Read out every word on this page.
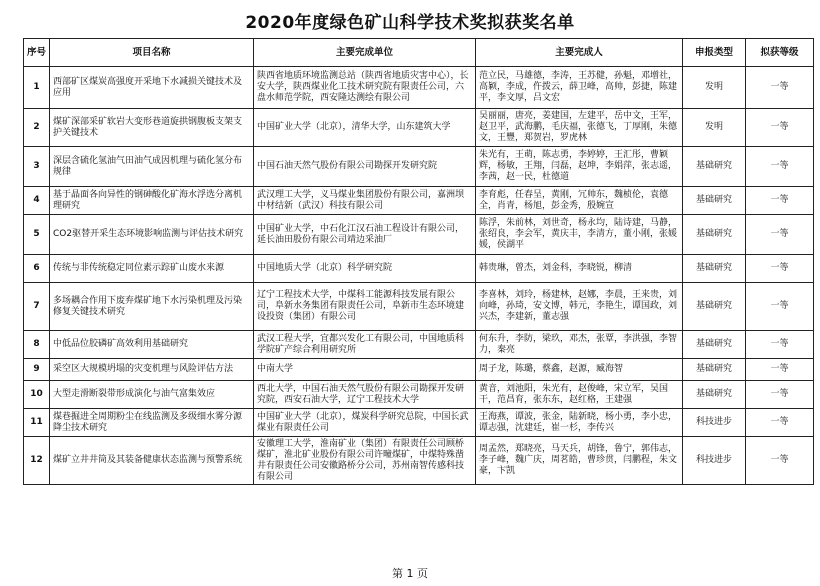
2020年度绿色矿山科学技术奖拟获奖名单
序号	项目名称	主要完成单位	主要完成人	申报类型	拟获等级
1	西部矿区煤炭高强度开采地下水减损关键技术及应用	陕西省地质环境监测总站（陕西省地质灾害中心），长安大学，陕西煤业化工技术研究院有限责任公司，六盘水师范学院，西安隆达测绘有限公司	范立民，马雄德，李涛，王苏健，孙魁，邓增社，高颖，李成，仵拨云，薛卫峰，高帅，彭捷，陈建平，李文厚，吕文宏	发明	一等
2	煤矿深部采矿软岩大变形巷道旋拱钢腹板支架支护关键技术	中国矿业大学（北京），清华大学，山东建筑大学	吴丽丽，唐亮，姜建国，左建平，岳中文，王军，赵卫平，武海鹏，毛庆福，张德飞，丁厚刚，朱德文，王豐，郑贺岩，罗虎林	发明	一等
3	深层含硫化氢油气田油气成因机理与硫化氢分布规律	中国石油天然气股份有限公司勘探开发研究院	朱光有，王萌，陈志勇，李婷婷，王汇彤，曹颖辉，杨敏，王翔，闫磊，赵坤，李娟萍，张志遥，李茜，赵一民，杜德道	基础研究	一等
4	基于晶面各向异性的钢砷酸化矿海水浮选分离机理研究	武汉理工大学，义马煤业集团股份有限公司，嘉洲坝中材结新（武汉）科技有限公司	李育彪，任春呈，黄刚，冗帅东，魏桢伦，袁德全，肖青，杨旭，彭金秀，殷婉宣	基础研究	一等
5	CO2驱替开采生态环境影响监测与评估技术研究	中国矿业大学，中石化江汉石油工程设计有限公司，延长油田股份有限公司靖边采油厂	陈浮，朱前林，刘世奇，杨永均，陆诗建，马静，张绍良，李会军，黄庆丰，李清方，董小刚，张媛媛，侯湖平	基础研究	一等
6	传统与非传统稳定同位素示踪矿山废水来源	中国地质大学（北京）科学研究院	韩贵琳，曾杰，刘金科，李晓锐，柳清	基础研究	一等
7	多场耦合作用下废弃煤矿地下水污染机理及污染修复关键技术研究	辽宁工程技术大学，中煤科工能源科技发展有限公司，阜新水务集团有限责任公司，阜新市生态环境建设投资（集团）有限公司	李喜林，刘玲，杨建林，赵娜，李晨，王来贵，刘向峰，孙琦，安文博，韩元，李艳生，谭国政，刘兴杰，李建新，董志强	基础研究	一等
8	中低品位胶磷矿高效利用基础研究	武汉工程大学，宜都兴发化工有限公司，中国地质科学院矿产综合利用研究所	何东升，李防，梁玖，邓杰，张覃，李洪强，李智力，秦亮	基础研究	一等
9	采空区大规模坍塌的灾变机理与风险评估方法	中南大学	周子龙，陈璐，蔡鑫，赵源，臧海智	基础研究	一等
10	大型走滑断裂带形成演化与油气富集效应	西北大学，中国石油天然气股份有限公司勘探开发研究院，西安石油大学，辽宁工程技术大学	黄音，刘池阳，朱光有，赵俊峰，宋立军，吴国干，范昌育，张东东，赵红格，王建强	基础研究	一等
11	煤巷掘进全周期粉尘在线监测及多级细水雾分源降尘技术研究	中国矿业大学（北京），煤炭科学研究总院，中国长武煤业有限责任公司	王海燕，谭波，张金，陆新晓，杨小勇，李小忠，谭志强，沈建廷，崔一杉，李传兴	科技进步	一等
12	煤矿立井井筒及其装备健康状态监测与预警系统	安徽理工大学，淮南矿业（集团）有限责任公司顾桥煤矿，淮北矿业股份有限公司许疃煤矿，中煤特殊凿井有限责任公司安徽路桥分公司，苏州南智传感科技有限公司	周孟然，郑晓亮，马天兵，胡锋，鲁宁，郭伟志，李子峰，魏广庆，周茗皓，曹珍贯，闫鹏程，朱文豪，卞凯	科技进步	一等
第 1 页
